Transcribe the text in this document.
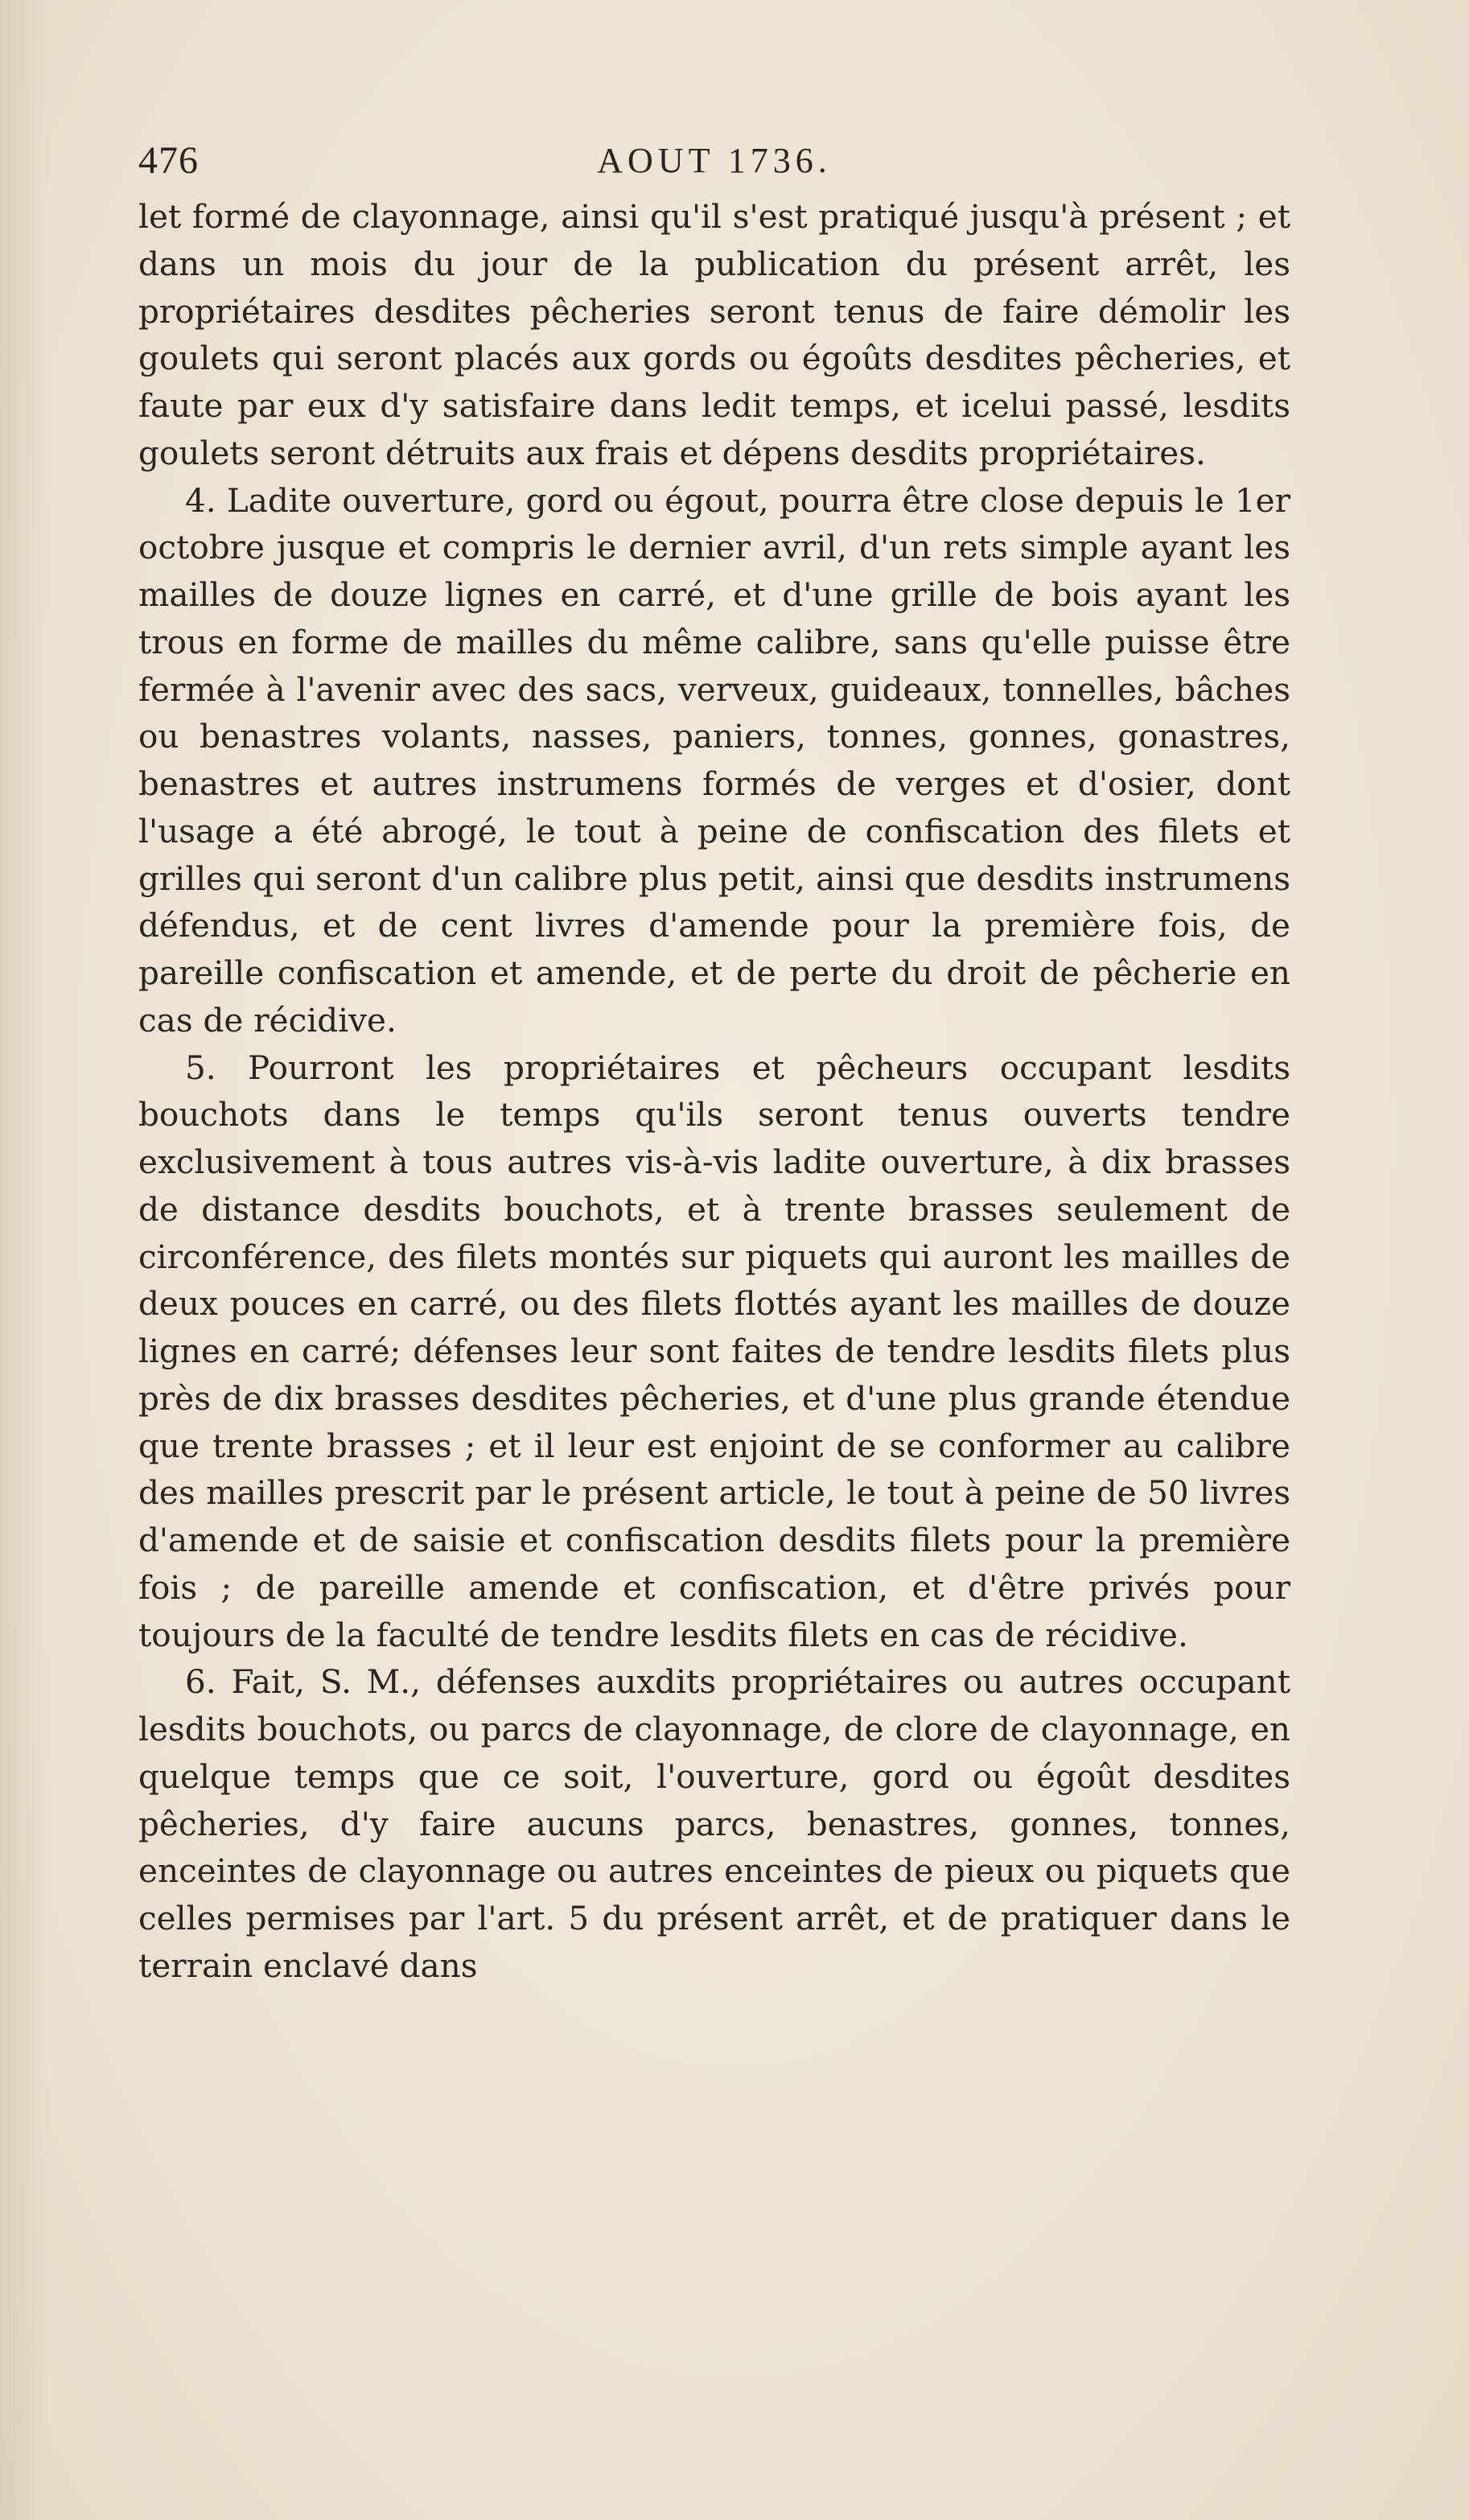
476	AOUT 1736.

let formé de clayonnage, ainsi qu'il s'est pratiqué jusqu'à présent ; et dans un mois du jour de la publication du présent arrêt, les propriétaires desdites pêcheries seront tenus de faire démolir les goulets qui seront placés aux gords ou égoûts desdites pêcheries, et faute par eux d'y satisfaire dans ledit temps, et icelui passé, lesdits goulets seront détruits aux frais et dépens desdits propriétaires.

4. Ladite ouverture, gord ou égout, pourra être close depuis le 1er octobre jusque et compris le dernier avril, d'un rets simple ayant les mailles de douze lignes en carré, et d'une grille de bois ayant les trous en forme de mailles du même calibre, sans qu'elle puisse être fermée à l'avenir avec des sacs, verveux, guideaux, tonnelles, bâches ou benastres volants, nasses, paniers, tonnes, gonnes, gonastres, benastres et autres instrumens formés de verges et d'osier, dont l'usage a été abrogé, le tout à peine de confiscation des filets et grilles qui seront d'un calibre plus petit, ainsi que desdits instrumens défendus, et de cent livres d'amende pour la première fois, de pareille confiscation et amende, et de perte du droit de pêcherie en cas de récidive.

5. Pourront les propriétaires et pêcheurs occupant lesdits bouchots dans le temps qu'ils seront tenus ouverts tendre exclusivement à tous autres vis-à-vis ladite ouverture, à dix brasses de distance desdits bouchots, et à trente brasses seulement de circonférence, des filets montés sur piquets qui auront les mailles de deux pouces en carré, ou des filets flottés ayant les mailles de douze lignes en carré; défenses leur sont faites de tendre lesdits filets plus près de dix brasses desdites pêcheries, et d'une plus grande étendue que trente brasses ; et il leur est enjoint de se conformer au calibre des mailles prescrit par le présent article, le tout à peine de 50 livres d'amende et de saisie et confiscation desdits filets pour la première fois ; de pareille amende et confiscation, et d'être privés pour toujours de la faculté de tendre lesdits filets en cas de récidive.

6. Fait, S. M., défenses auxdits propriétaires ou autres occupant lesdits bouchots, ou parcs de clayonnage, de clore de clayonnage, en quelque temps que ce soit, l'ouverture, gord ou égoût desdites pêcheries, d'y faire aucuns parcs, benastres, gonnes, tonnes, enceintes de clayonnage ou autres enceintes de pieux ou piquets que celles permises par l'art. 5 du présent arrêt, et de pratiquer dans le terrain enclavé dans
